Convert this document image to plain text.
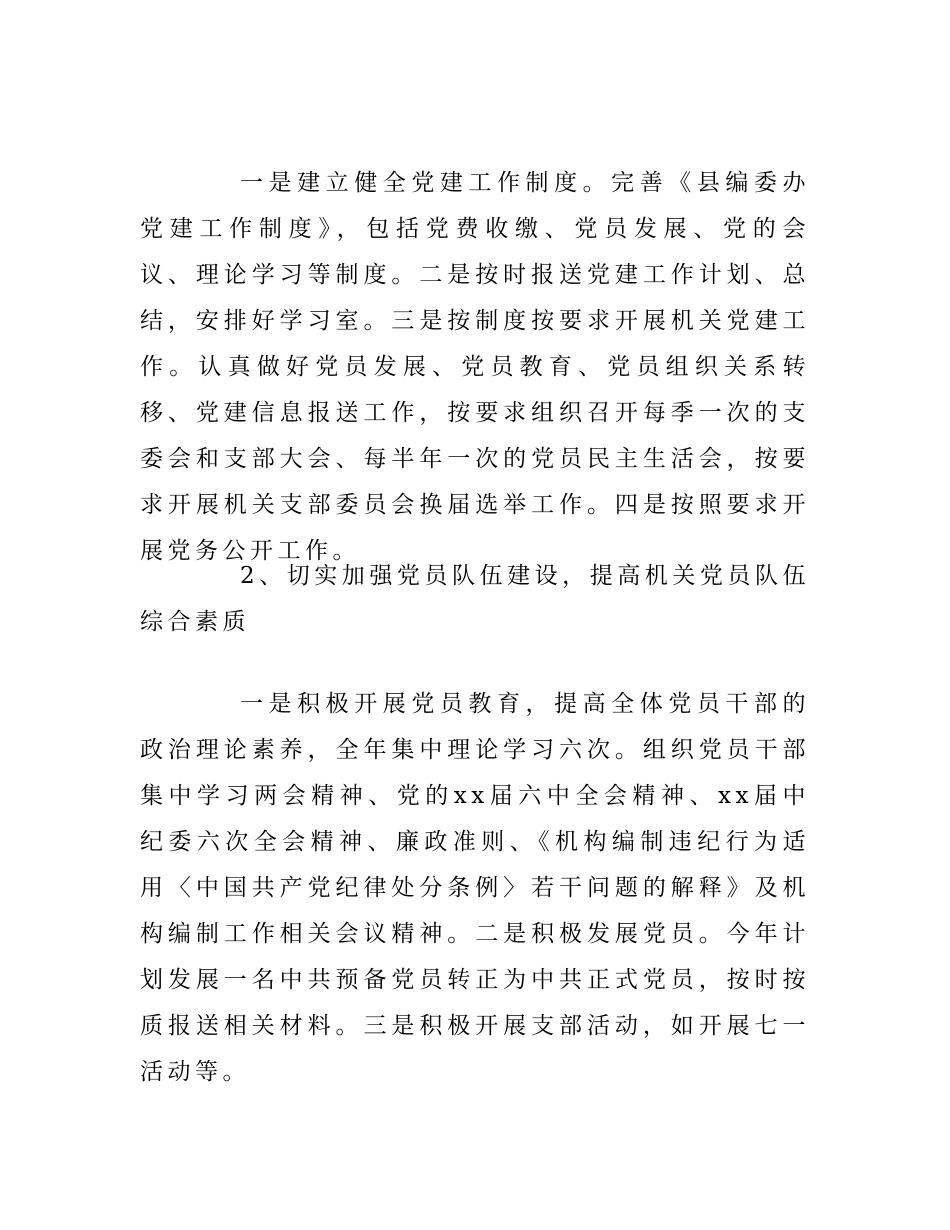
一是建立健全党建工作制度。完善《县编委办党建工作制度》，包括党费收缴、党员发展、党的会议、理论学习等制度。二是按时报送党建工作计划、总结，安排好学习室。三是按制度按要求开展机关党建工作。认真做好党员发展、党员教育、党员组织关系转移、党建信息报送工作，按要求组织召开每季一次的支委会和支部大会、每半年一次的党员民主生活会，按要求开展机关支部委员会换届选举工作。四是按照要求开展党务公开工作。

2、切实加强党员队伍建设，提高机关党员队伍综合素质

一是积极开展党员教育，提高全体党员干部的政治理论素养，全年集中理论学习六次。组织党员干部集中学习两会精神、党的xx届六中全会精神、xx届中纪委六次全会精神、廉政准则、《机构编制违纪行为适用〈中国共产党纪律处分条例〉若干问题的解释》及机构编制工作相关会议精神。二是积极发展党员。今年计划发展一名中共预备党员转正为中共正式党员，按时按质报送相关材料。三是积极开展支部活动，如开展七一活动等。
